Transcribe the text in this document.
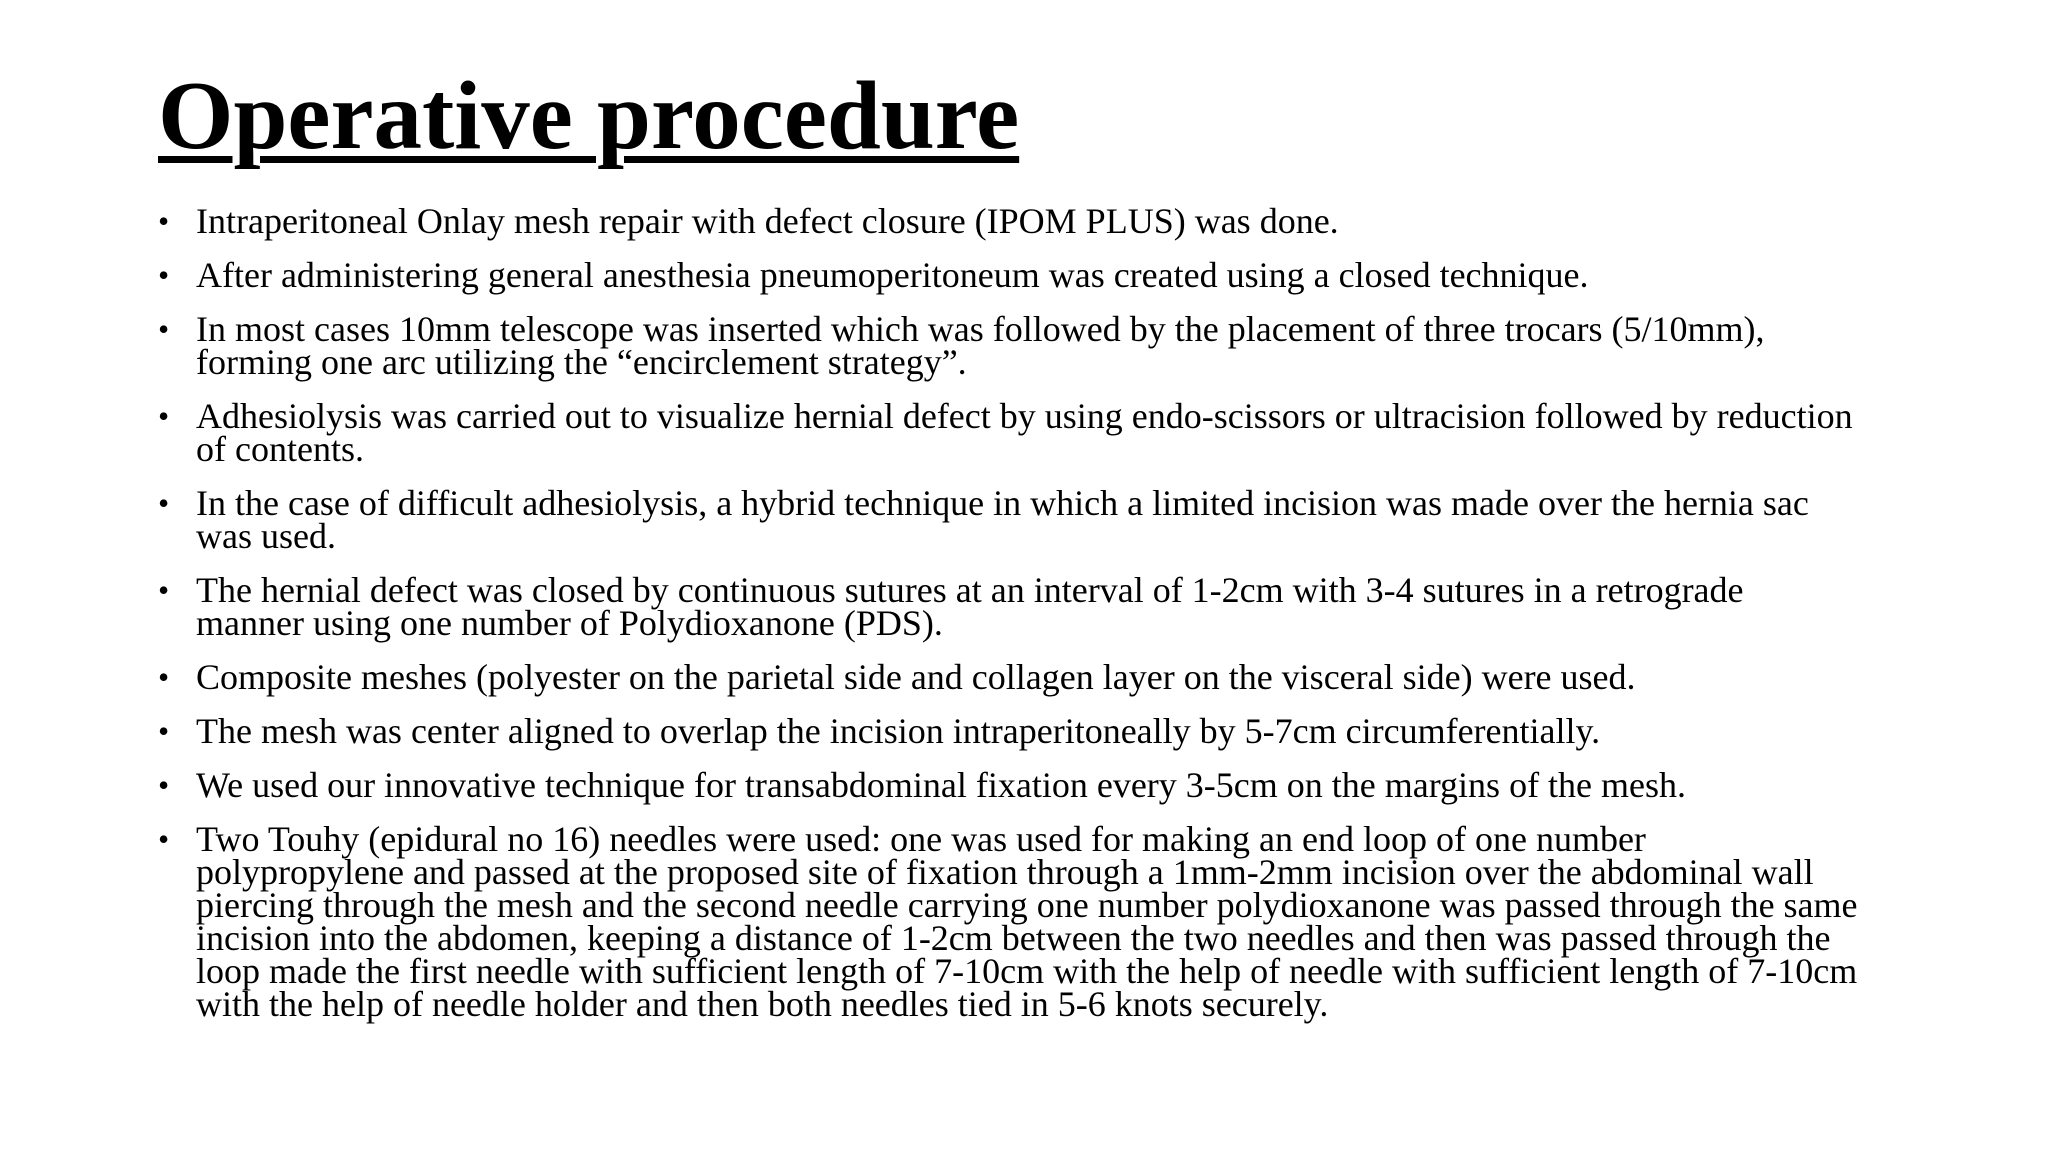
Operative procedure
• Intraperitoneal Onlay mesh repair with defect closure (IPOM PLUS) was done.
• After administering general anesthesia pneumoperitoneum was created using a closed technique.
• In most cases 10mm telescope was inserted which was followed by the placement of three trocars (5/10mm), forming one arc utilizing the “encirclement strategy”.
• Adhesiolysis was carried out to visualize hernial defect by using endo-scissors or ultracision followed by reduction of contents.
• In the case of difficult adhesiolysis, a hybrid technique in which a limited incision was made over the hernia sac was used.
• The hernial defect was closed by continuous sutures at an interval of 1-2cm with 3-4 sutures in a retrograde manner using one number of Polydioxanone (PDS).
• Composite meshes (polyester on the parietal side and collagen layer on the visceral side) were used.
• The mesh was center aligned to overlap the incision intraperitoneally by 5-7cm circumferentially.
• We used our innovative technique for transabdominal fixation every 3-5cm on the margins of the mesh.
• Two Touhy (epidural no 16) needles were used: one was used for making an end loop of one number polypropylene and passed at the proposed site of fixation through a 1mm-2mm incision over the abdominal wall piercing through the mesh and the second needle carrying one number polydioxanone was passed through the same incision into the abdomen, keeping a distance of 1-2cm between the two needles and then was passed through the loop made the first needle with sufficient length of 7-10cm with the help of needle with sufficient length of 7-10cm with the help of needle holder and then both needles tied in 5-6 knots securely.
